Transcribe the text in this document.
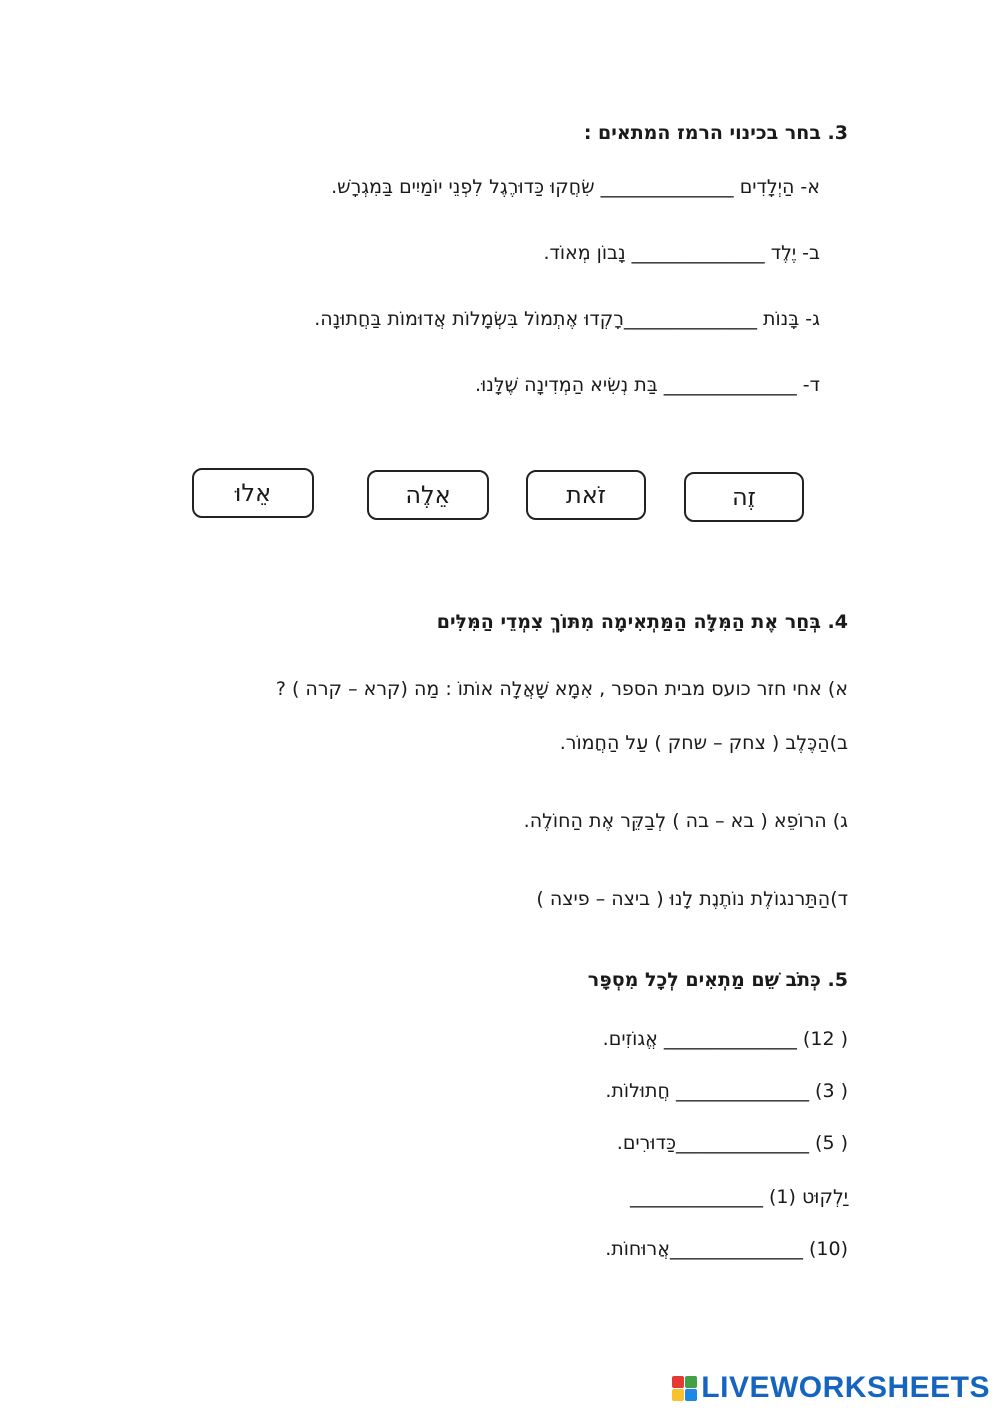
3. בחר בכינוי הרמז המתאים :
א- הַיְלָדִים ______________ שִׂחֲקוּ כַּדוּרֶגֶל לִפְנֵי יוֹמַיִים בַּמִגְרָשׁ.
ב- יֶלֶד ______________ נָבוֹן מְאוֹד.
ג- בָּנוֹת ______________רָקְדוּ אֶתְמוֹל בִּשְׂמָלוֹת אֲדוּמוֹת בַּחֲתוּנָה.
ד- ______________ בַּת נְשִׂיא הַמְדִינָה שֶׁלָּנוּ.
זֶה
זֹאת
אֵלֶה
אֵלוּ
4. בְּחַר אֶת הַמִּלָּה הַמַּתְאִימָה מִתּוֹךְ צִמְדֵי הַמִּלִּים
א) אחי חזר כועס מבית הספר , אִמָא שָׁאֲלָה אוֹתוֹ : מַה (קרא – קרה ) ?
ב)הַכֶּלֶב ( צחק – שחק ) עַל הַחֲמוֹר.
ג) הרוֹפֵא ( בא – בה ) לְבַקֵּר אֶת הַחוֹלֶה.
ד)הַתַּרנגוֹלֶת נוֹתֶנֶת לָנוּ ( ביצה – פיצה )
5. כְּתֹב שֵׁם מַתְאִים לְכָל מִסְפָּר
( 12) ______________ אֱגוֹזִים.
( 3) ______________ חֲתוּלוֹת.
( 5) ______________כַּדוּרִים.
יַלְקוּט (1) ______________
(10) ______________אֲרוּחוֹת.
LIVEWORKSHEETS
